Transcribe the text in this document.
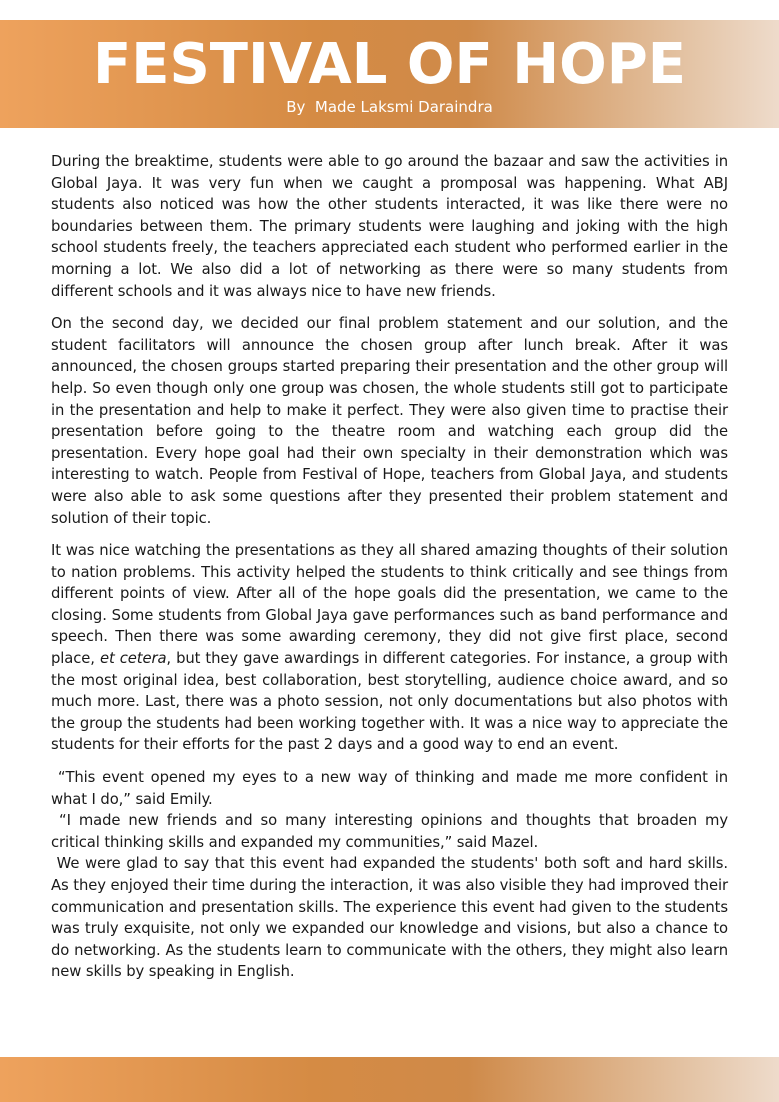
FESTIVAL OF HOPE
By  Made Laksmi Daraindra

During the breaktime, students were able to go around the bazaar and saw the activities in Global Jaya. It was very fun when we caught a promposal was happening. What ABJ students also noticed was how the other students interacted, it was like there were no boundaries between them. The primary students were laughing and joking with the high school students freely, the teachers appreciated each student who performed earlier in the morning a lot. We also did a lot of networking as there were so many students from different schools and it was always nice to have new friends.

On the second day, we decided our final problem statement and our solution, and the student facilitators will announce the chosen group after lunch break. After it was announced, the chosen groups started preparing their presentation and the other group will help. So even though only one group was chosen, the whole students still got to participate in the presentation and help to make it perfect. They were also given time to practise their presentation before going to the theatre room and watching each group did the presentation. Every hope goal had their own specialty in their demonstration which was interesting to watch. People from Festival of Hope, teachers from Global Jaya, and students were also able to ask some questions after they presented their problem statement and solution of their topic.

It was nice watching the presentations as they all shared amazing thoughts of their solution to nation problems. This activity helped the students to think critically and see things from different points of view. After all of the hope goals did the presentation, we came to the closing. Some students from Global Jaya gave performances such as band performance and speech. Then there was some awarding ceremony, they did not give first place, second place, et cetera, but they gave awardings in different categories. For instance, a group with the most original idea, best collaboration, best storytelling, audience choice award, and so much more. Last, there was a photo session, not only documentations but also photos with the group the students had been working together with. It was a nice way to appreciate the students for their efforts for the past 2 days and a good way to end an event.

“This event opened my eyes to a new way of thinking and made me more confident in what I do,” said Emily.

“I made new friends and so many interesting opinions and thoughts that broaden my critical thinking skills and expanded my communities,” said Mazel.

We were glad to say that this event had expanded the students' both soft and hard skills. As they enjoyed their time during the interaction, it was also visible they had improved their communication and presentation skills. The experience this event had given to the students was truly exquisite, not only we expanded our knowledge and visions, but also a chance to do networking. As the students learn to communicate with the others, they might also learn new skills by speaking in English.
